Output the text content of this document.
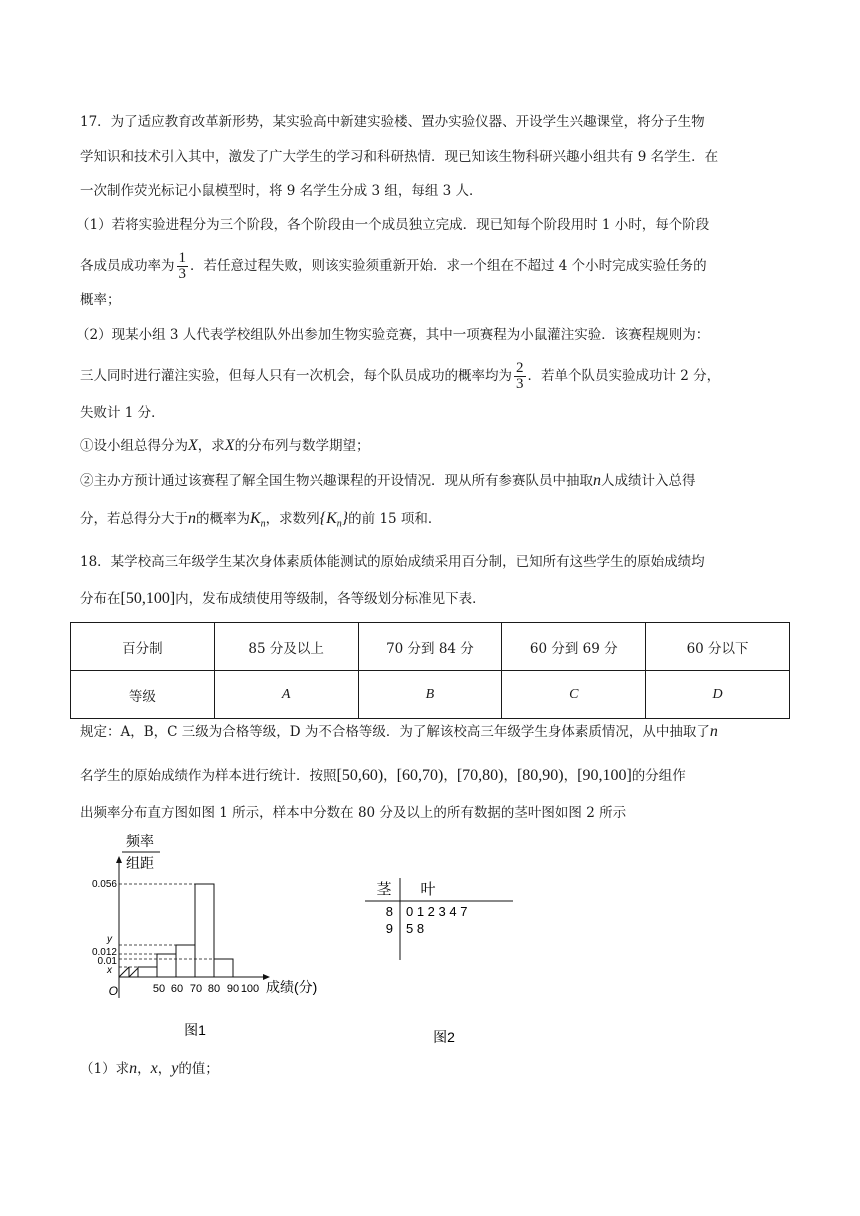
17．为了适应教育改革新形势，某实验高中新建实验楼、置办实验仪器、开设学生兴趣课堂，将分子生物
学知识和技术引入其中，激发了广大学生的学习和科研热情．现已知该生物科研兴趣小组共有 9 名学生．在
一次制作荧光标记小鼠模型时，将 9 名学生分成 3 组，每组 3 人．
（1）若将实验进程分为三个阶段，各个阶段由一个成员独立完成．现已知每个阶段用时 1 小时，每个阶段
各成员成功率为 $\frac{1}{3}$ ．若任意过程失败，则该实验须重新开始．求一个组在不超过 4 个小时完成实验任务的
概率；
（2）现某小组 3 人代表学校组队外出参加生物实验竞赛，其中一项赛程为小鼠灌注实验．该赛程规则为：
三人同时进行灌注实验，但每人只有一次机会，每个队员成功的概率均为 $\frac{2}{3}$ ．若单个队员实验成功计 2 分，
失败计 1 分．
①设小组总得分为X，求X的分布列与数学期望；
②主办方预计通过该赛程了解全国生物兴趣课程的开设情况．现从所有参赛队员中抽取n人成绩计入总得
分，若总得分大于n的概率为$K_n$，求数列$\{K_n\}$的前 15 项和．
18．某学校高三年级学生某次身体素质体能测试的原始成绩采用百分制，已知所有这些学生的原始成绩均
分布在[50,100]内，发布成绩使用等级制，各等级划分标准见下表．
百分制	85 分及以上	70 分到 84 分	60 分到 69 分	60 分以下
等级	A	B	C	D
规定：A，B，C 三级为合格等级，D 为不合格等级．为了解该校高三年级学生身体素质情况，从中抽取了n
名学生的原始成绩作为样本进行统计．按照[50,60)，[60,70)，[70,80)，[80,90)，[90,100]的分组作
出频率分布直方图如图 1 所示，样本中分数在 80 分及以上的所有数据的茎叶图如图 2 所示
频率
组距
0.056
y
0.012
0.01
x
O	50 60 70 80 90 100 成绩(分)
图1
茎 叶
8 0 1 2 3 4 7
9 5 8
图2
（1）求n，x，y的值；
